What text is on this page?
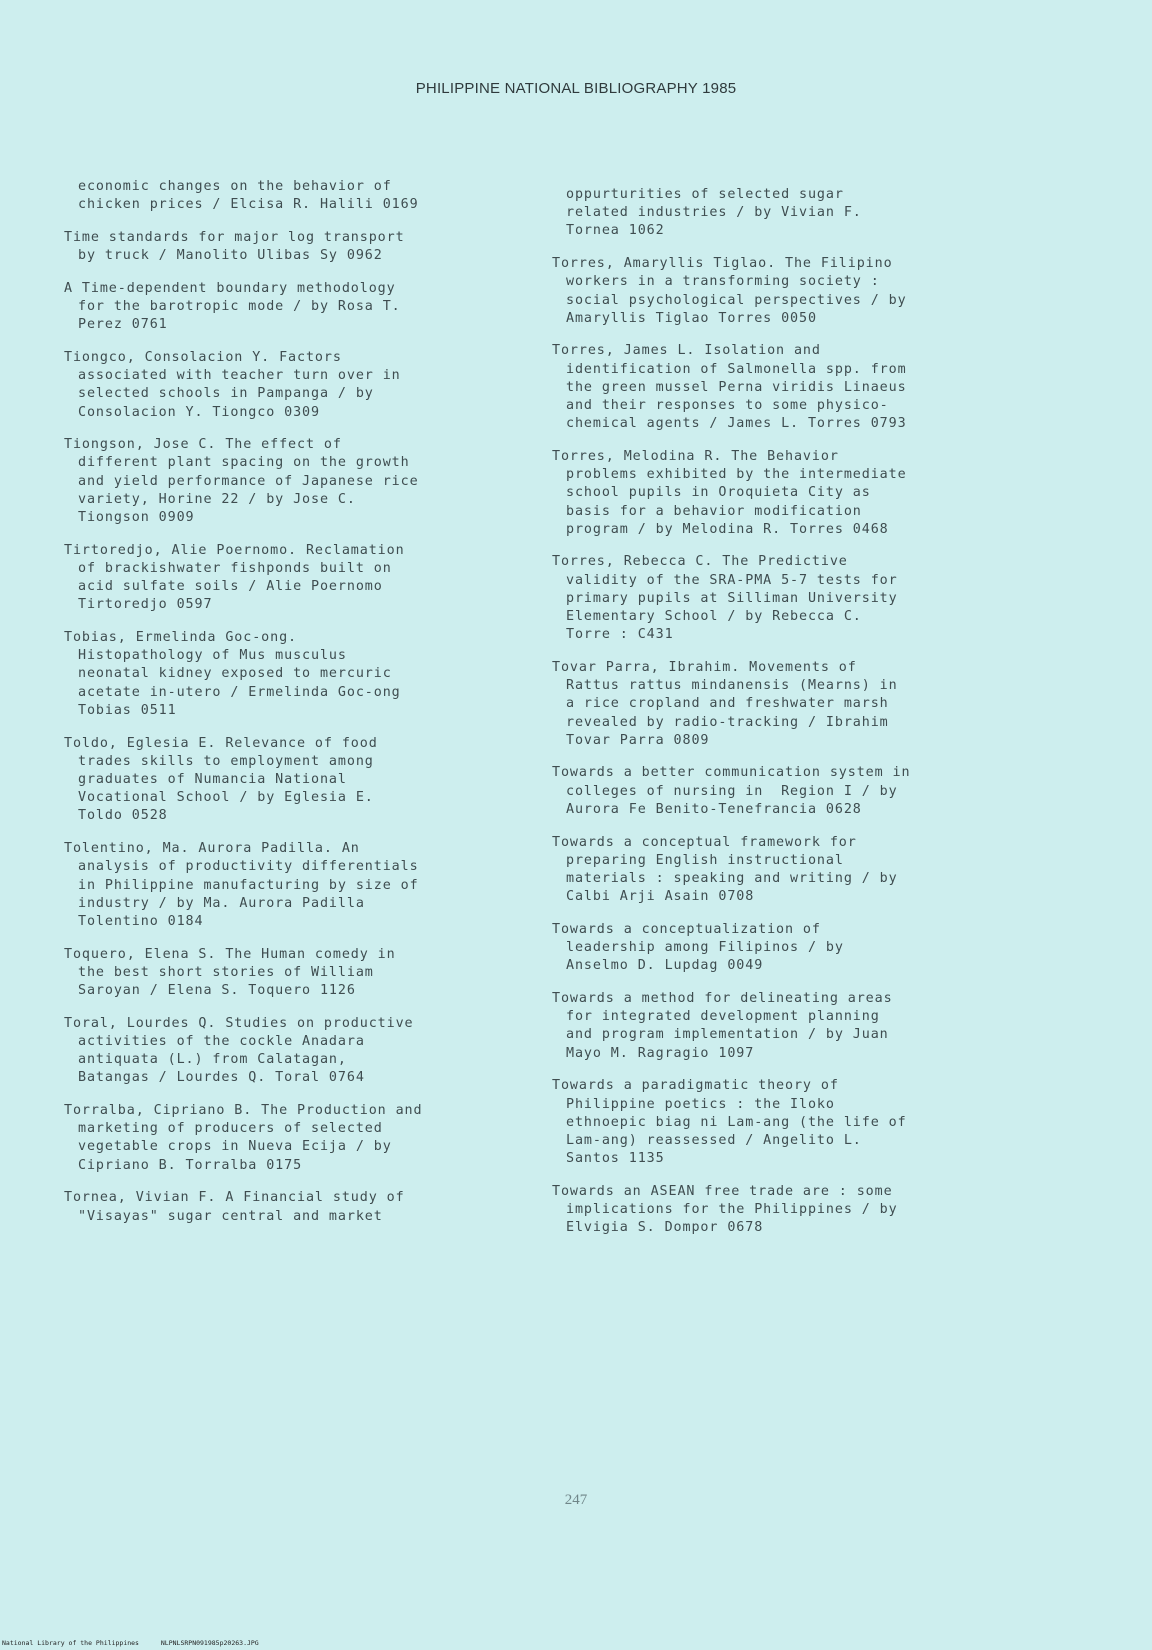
PHILIPPINE NATIONAL BIBLIOGRAPHY 1985
economic changes on the behavior of
chicken prices / Elcisa R. Halili 0169
Time standards for major log transport
by truck / Manolito Ulibas Sy 0962
A Time-dependent boundary methodology
for the barotropic mode / by Rosa T.
Perez 0761
Tiongco, Consolacion Y. Factors
associated with teacher turn over in
selected schools in Pampanga / by
Consolacion Y. Tiongco 0309
Tiongson, Jose C. The effect of
different plant spacing on the growth
and yield performance of Japanese rice
variety, Horine 22 / by Jose C.
Tiongson 0909
Tirtoredjo, Alie Poernomo. Reclamation
of brackishwater fishponds built on
acid sulfate soils / Alie Poernomo
Tirtoredjo 0597
Tobias, Ermelinda Goc-ong.
Histopathology of Mus musculus
neonatal kidney exposed to mercuric
acetate in-utero / Ermelinda Goc-ong
Tobias 0511
Toldo, Eglesia E. Relevance of food
trades skills to employment among
graduates of Numancia National
Vocational School / by Eglesia E.
Toldo 0528
Tolentino, Ma. Aurora Padilla. An
analysis of productivity differentials
in Philippine manufacturing by size of
industry / by Ma. Aurora Padilla
Tolentino 0184
Toquero, Elena S. The Human comedy in
the best short stories of William
Saroyan / Elena S. Toquero 1126
Toral, Lourdes Q. Studies on productive
activities of the cockle Anadara
antiquata (L.) from Calatagan,
Batangas / Lourdes Q. Toral 0764
Torralba, Cipriano B. The Production and
marketing of producers of selected
vegetable crops in Nueva Ecija / by
Cipriano B. Torralba 0175
Tornea, Vivian F. A Financial study of
"Visayas" sugar central and market
oppurturities of selected sugar
related industries / by Vivian F.
Tornea 1062
Torres, Amaryllis Tiglao. The Filipino
workers in a transforming society :
social psychological perspectives / by
Amaryllis Tiglao Torres 0050
Torres, James L. Isolation and
identification of Salmonella spp. from
the green mussel Perna viridis Linaeus
and their responses to some physico-
chemical agents / James L. Torres 0793
Torres, Melodina R. The Behavior
problems exhibited by the intermediate
school pupils in Oroquieta City as
basis for a behavior modification
program / by Melodina R. Torres 0468
Torres, Rebecca C. The Predictive
validity of the SRA-PMA 5-7 tests for
primary pupils at Silliman University
Elementary School / by Rebecca C.
Torre : C431
Tovar Parra, Ibrahim. Movements of
Rattus rattus mindanensis (Mearns) in
a rice cropland and freshwater marsh
revealed by radio-tracking / Ibrahim
Tovar Parra 0809
Towards a better communication system in
colleges of nursing in  Region I / by
Aurora Fe Benito-Tenefrancia 0628
Towards a conceptual framework for
preparing English instructional
materials : speaking and writing / by
Calbi Arji Asain 0708
Towards a conceptualization of
leadership among Filipinos / by
Anselmo D. Lupdag 0049
Towards a method for delineating areas
for integrated development planning
and program implementation / by Juan
Mayo M. Ragragio 1097
Towards a paradigmatic theory of
Philippine poetics : the Iloko
ethnoepic biag ni Lam-ang (the life of
Lam-ang) reassessed / Angelito L.
Santos 1135
Towards an ASEAN free trade are : some
implications for the Philippines / by
Elvigia S. Dompor 0678
247
National Library of the Philippines	NLPNLSRPN091985p20263.JPG
